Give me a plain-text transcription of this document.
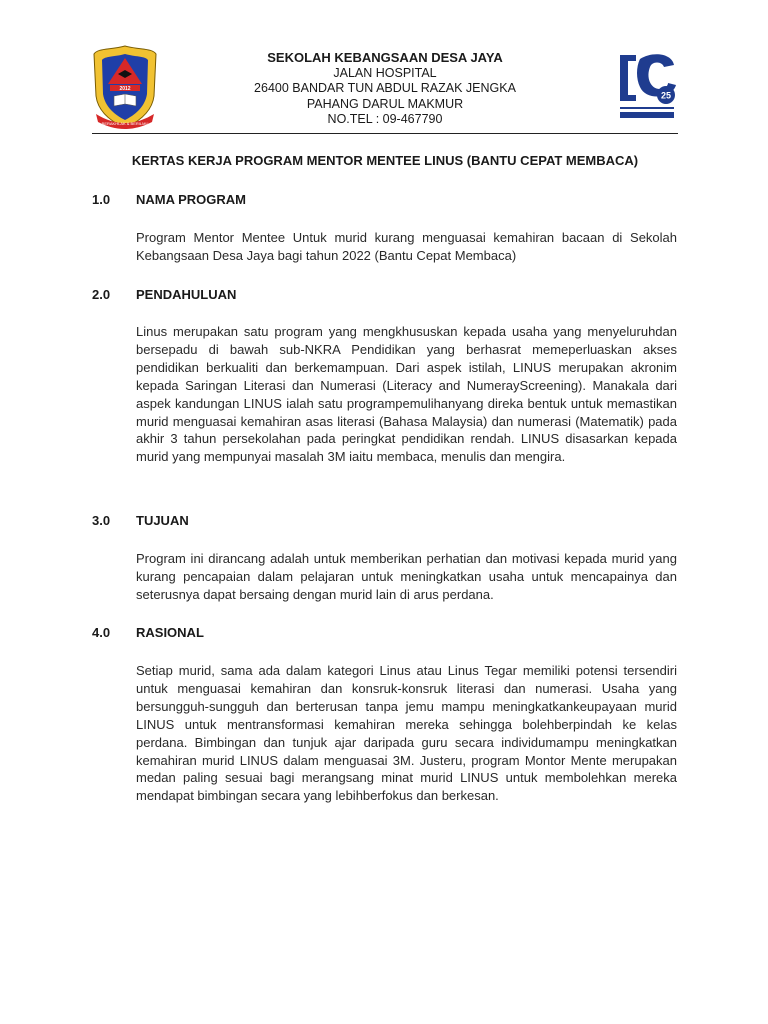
2012
BERAKHLAK & BERILMU
SEKOLAH KEBANGSAAN DESA JAYA
JALAN HOSPITAL
26400 BANDAR TUN ABDUL RAZAK JENGKA
PAHANG DARUL MAKMUR
NO.TEL : 09-467790
25
KERTAS KERJA PROGRAM MENTOR MENTEE LINUS (BANTU CEPAT MEMBACA)
1.0 NAMA PROGRAM
Program Mentor Mentee Untuk murid kurang menguasai kemahiran bacaan di Sekolah Kebangsaan Desa Jaya bagi tahun 2022 (Bantu Cepat Membaca)
2.0 PENDAHULUAN
Linus merupakan satu program yang mengkhususkan kepada usaha yang menyeluruhdan bersepadu di bawah sub-NKRA Pendidikan yang berhasrat memeperluaskan akses pendidikan berkualiti dan berkemampuan. Dari aspek istilah, LINUS merupakan akronim kepada Saringan Literasi dan Numerasi (Literacy and NumerayScreening). Manakala dari aspek kandungan LINUS ialah satu programpemulihanyang direka bentuk untuk memastikan murid menguasai kemahiran asas literasi (Bahasa Malaysia) dan numerasi (Matematik) pada akhir 3 tahun persekolahan pada peringkat pendidikan rendah. LINUS disasarkan kepada murid yang mempunyai masalah 3M iaitu membaca, menulis dan mengira.
3.0 TUJUAN
Program ini dirancang adalah untuk memberikan perhatian dan motivasi kepada murid yang kurang pencapaian dalam pelajaran untuk meningkatkan usaha untuk mencapainya dan seterusnya dapat bersaing dengan murid lain di arus perdana.
4.0 RASIONAL
Setiap murid, sama ada dalam kategori Linus atau Linus Tegar memiliki potensi tersendiri untuk menguasai kemahiran dan konsruk-konsruk literasi dan numerasi. Usaha yang bersungguh-sungguh dan berterusan tanpa jemu mampu meningkatkankeupayaan murid LINUS untuk mentransformasi kemahiran mereka sehingga bolehberpindah ke kelas perdana. Bimbingan dan tunjuk ajar daripada guru secara individumampu meningkatkan kemahiran murid LINUS dalam menguasai 3M. Justeru, program Montor Mente merupakan medan paling sesuai bagi merangsang minat murid LINUS untuk membolehkan mereka mendapat bimbingan secara yang lebihberfokus dan berkesan.
